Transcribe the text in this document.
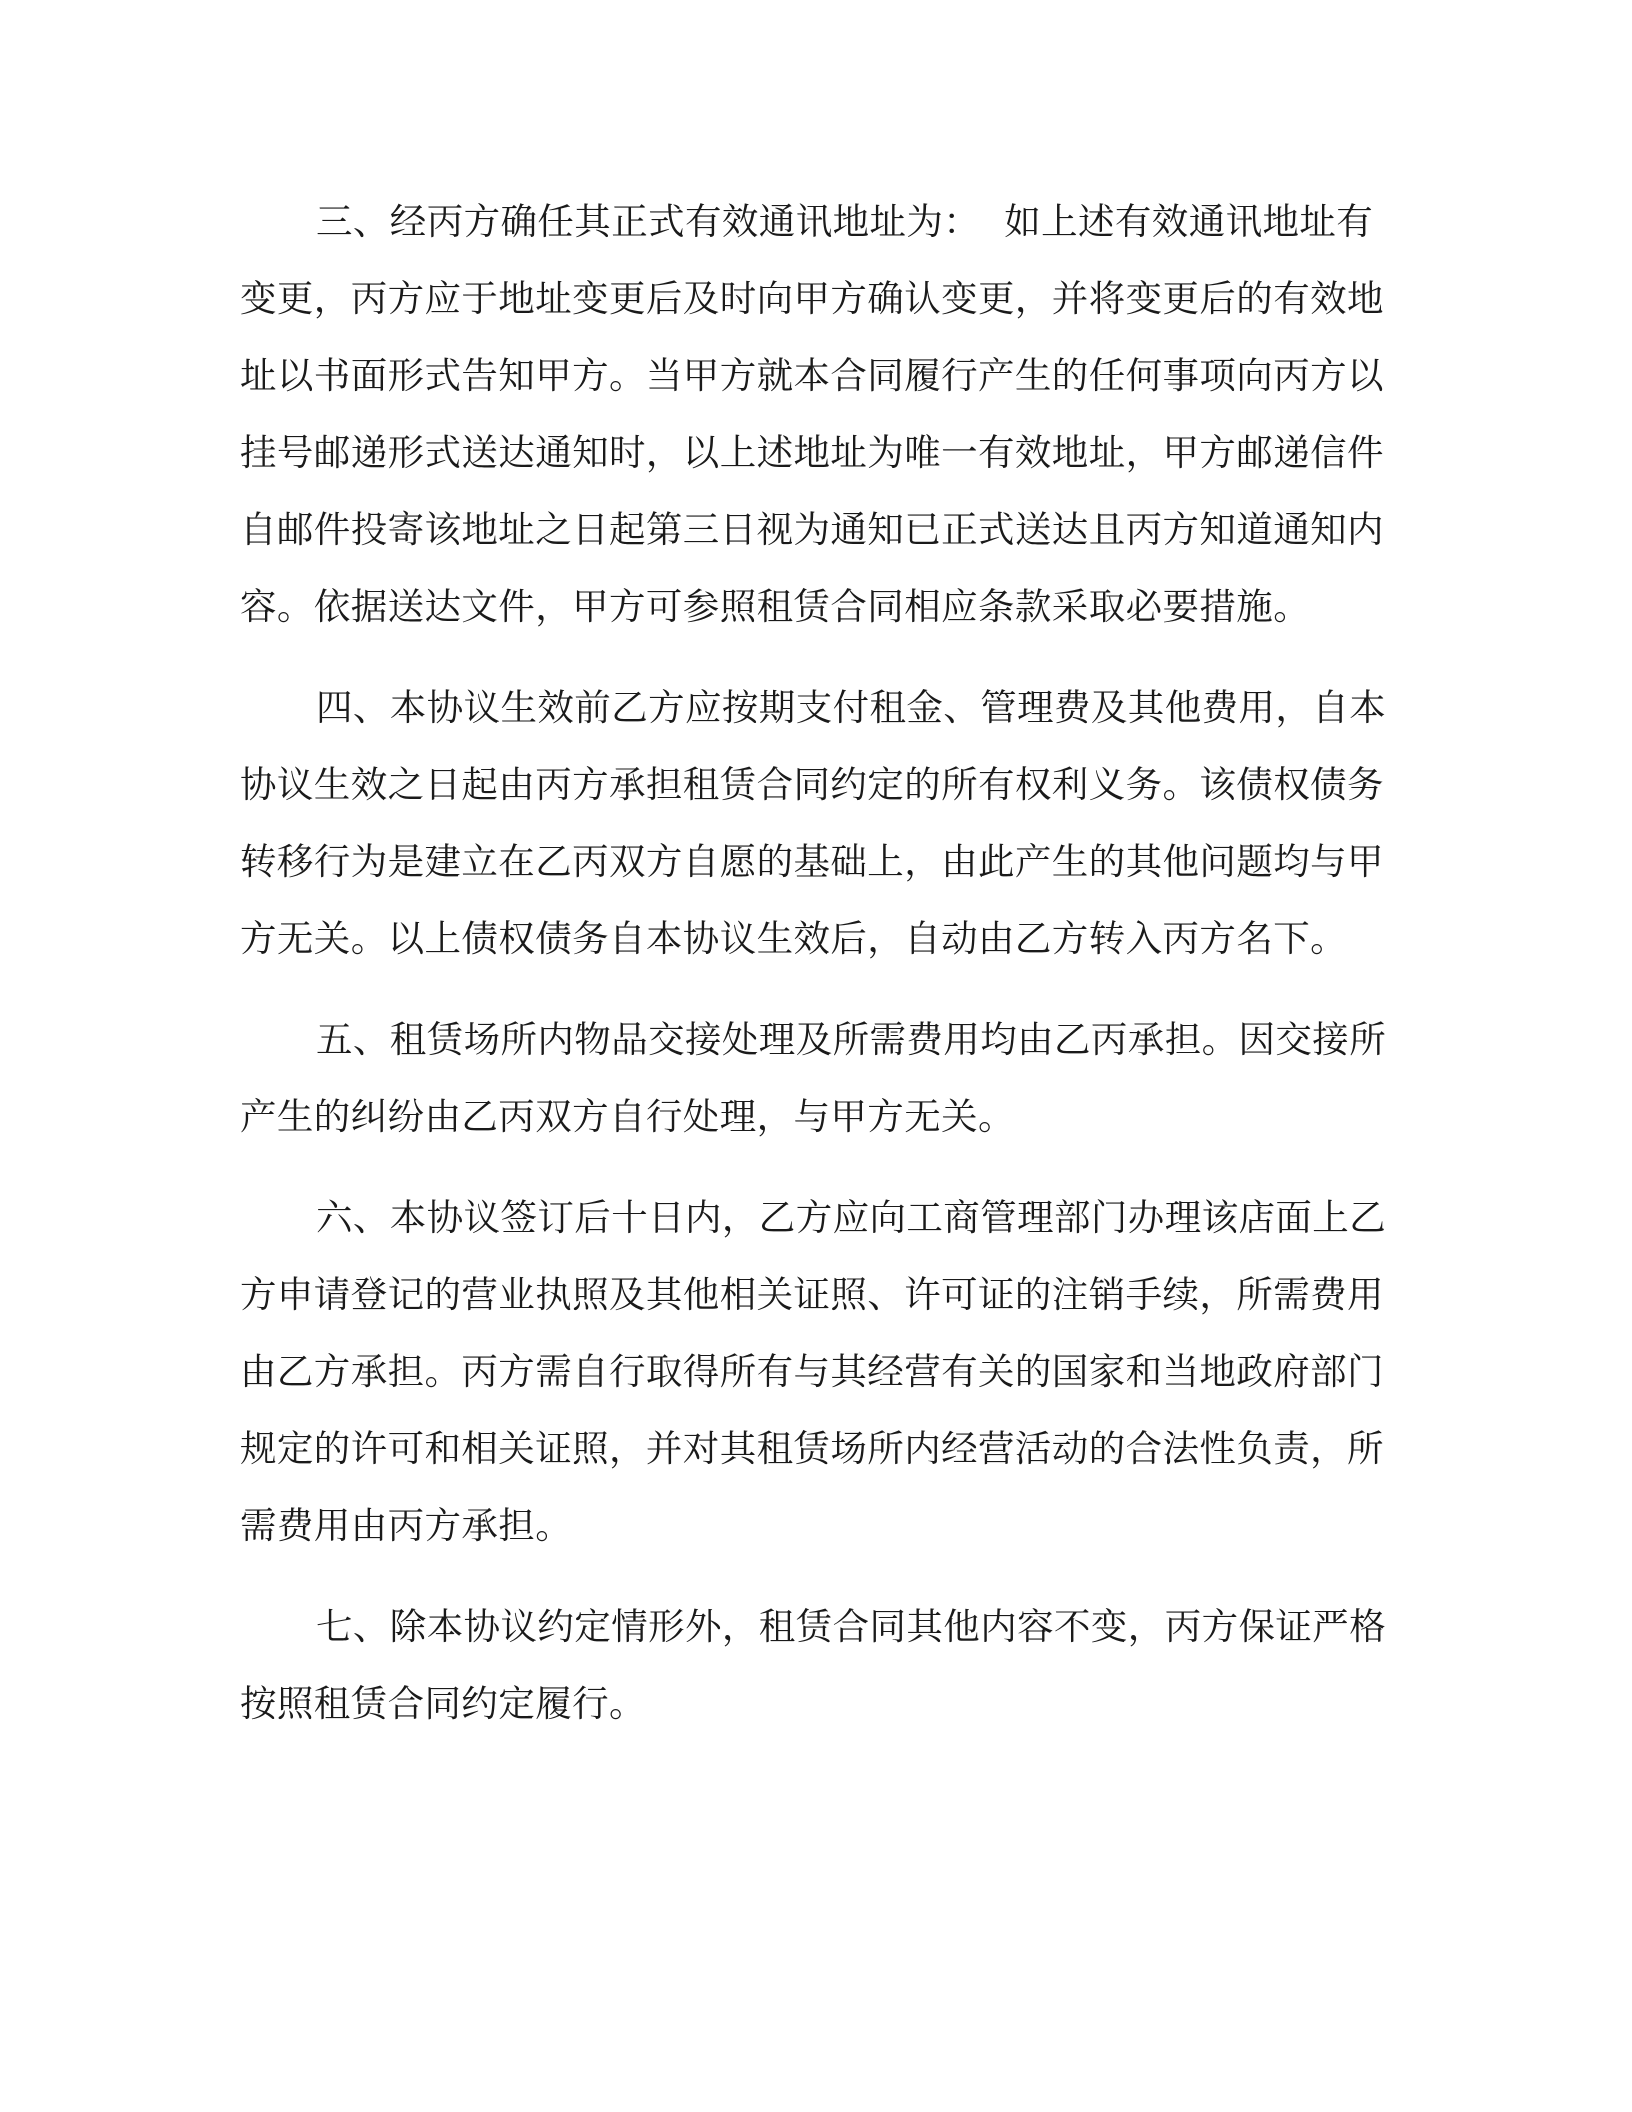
三、经丙方确任其正式有效通讯地址为：  如上述有效通讯地址有变更，丙方应于地址变更后及时向甲方确认变更，并将变更后的有效地址以书面形式告知甲方。当甲方就本合同履行产生的任何事项向丙方以挂号邮递形式送达通知时，以上述地址为唯一有效地址，甲方邮递信件自邮件投寄该地址之日起第三日视为通知已正式送达且丙方知道通知内容。依据送达文件，甲方可参照租赁合同相应条款采取必要措施。

四、本协议生效前乙方应按期支付租金、管理费及其他费用，自本协议生效之日起由丙方承担租赁合同约定的所有权利义务。该债权债务转移行为是建立在乙丙双方自愿的基础上，由此产生的其他问题均与甲方无关。以上债权债务自本协议生效后，自动由乙方转入丙方名下。

五、租赁场所内物品交接处理及所需费用均由乙丙承担。因交接所产生的纠纷由乙丙双方自行处理，与甲方无关。

六、本协议签订后十日内，乙方应向工商管理部门办理该店面上乙方申请登记的营业执照及其他相关证照、许可证的注销手续，所需费用由乙方承担。丙方需自行取得所有与其经营有关的国家和当地政府部门规定的许可和相关证照，并对其租赁场所内经营活动的合法性负责，所需费用由丙方承担。

七、除本协议约定情形外，租赁合同其他内容不变，丙方保证严格按照租赁合同约定履行。
